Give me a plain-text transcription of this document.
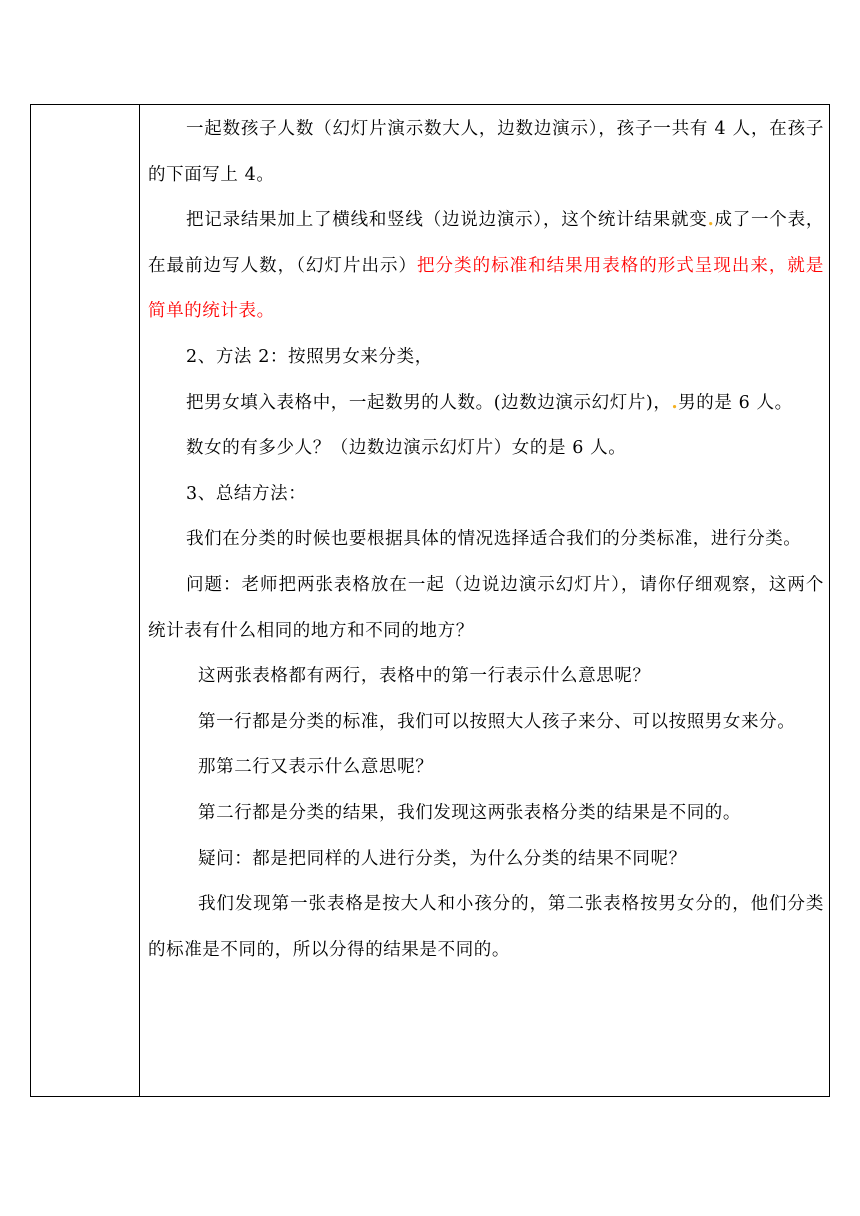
一起数孩子人数（幻灯片演示数大人，边数边演示），孩子一共有 4 人，在孩子的下面写上 4。

把记录结果加上了横线和竖线（边说边演示），这个统计结果就变.成了一个表，在最前边写人数，（幻灯片出示）把分类的标准和结果用表格的形式呈现出来，就是简单的统计表。

2、方法 2：按照男女来分类，

把男女填入表格中，一起数男的人数。(边数边演示幻灯片)，.男的是 6 人。

数女的有多少人？（边数边演示幻灯片）女的是 6 人。

3、总结方法：

我们在分类的时候也要根据具体的情况选择适合我们的分类标准，进行分类。

问题：老师把两张表格放在一起（边说边演示幻灯片），请你仔细观察，这两个统计表有什么相同的地方和不同的地方？

这两张表格都有两行，表格中的第一行表示什么意思呢？

第一行都是分类的标准，我们可以按照大人孩子来分、可以按照男女来分。

那第二行又表示什么意思呢？

第二行都是分类的结果，我们发现这两张表格分类的结果是不同的。

疑问：都是把同样的人进行分类，为什么分类的结果不同呢？

我们发现第一张表格是按大人和小孩分的，第二张表格按男女分的，他们分类的标准是不同的，所以分得的结果是不同的。
